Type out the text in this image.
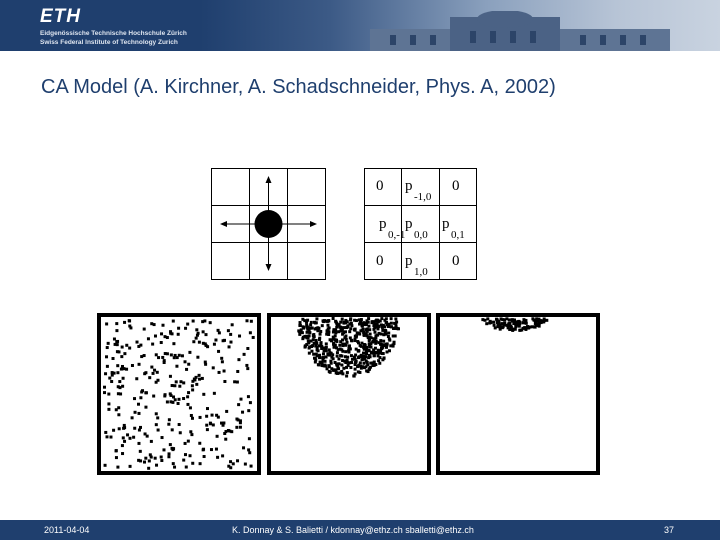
ETH
Eidgenössische Technische Hochschule Zürich
Swiss Federal Institute of Technology Zurich
CA Model (A. Kirchner, A. Schadschneider, Phys. A, 2002)
0 p
-1,0
0
p
0,-1
p
0,0
p
0,1
0 p
1,0
0
2011-04-04	K. Donnay & S. Balietti / kdonnay@ethz.ch sballetti@ethz.ch	37
